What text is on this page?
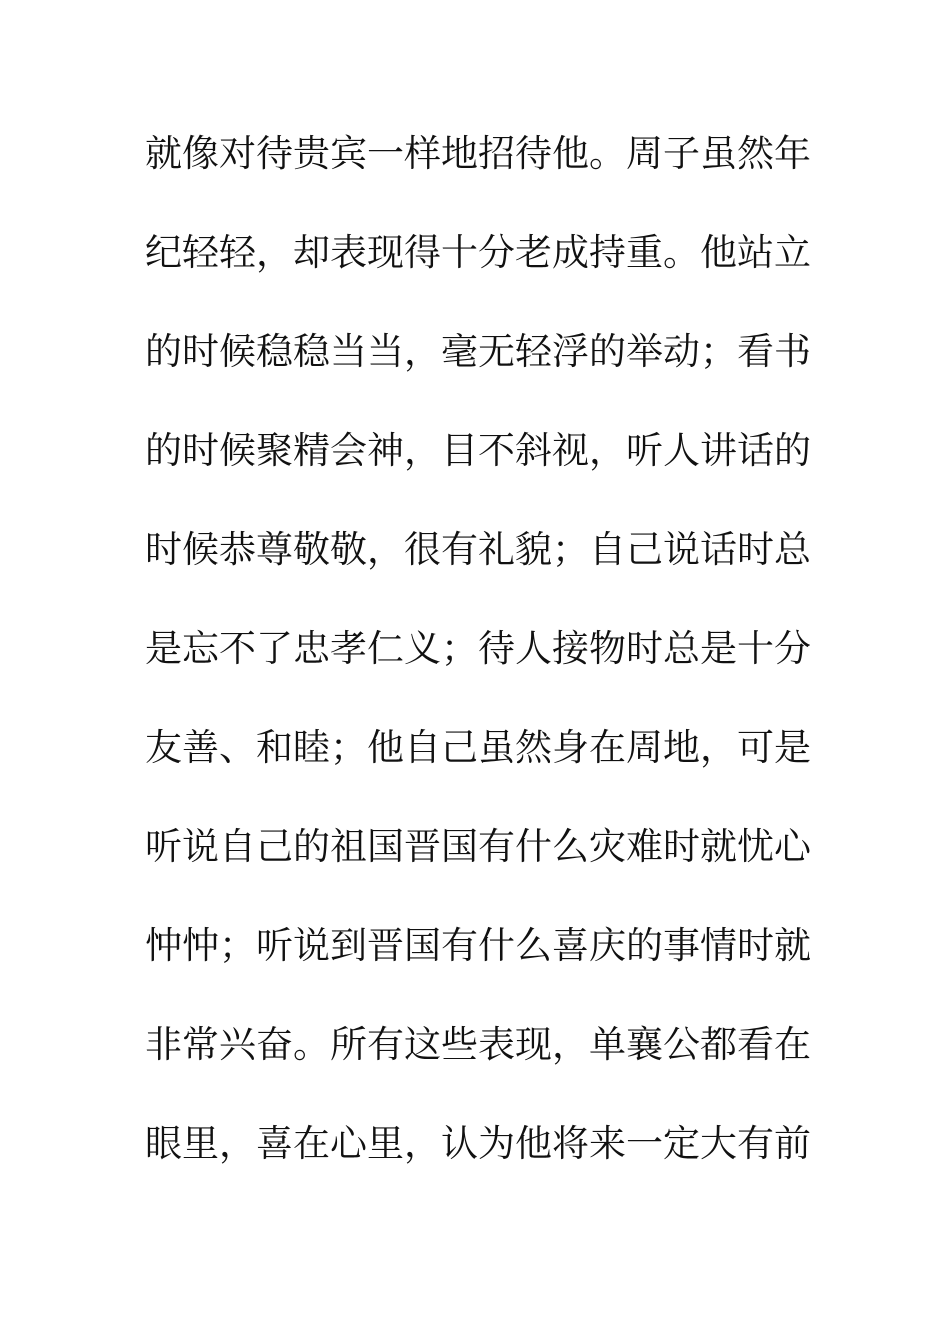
就像对待贵宾一样地招待他。周子虽然年
纪轻轻，却表现得十分老成持重。他站立
的时候稳稳当当，毫无轻浮的举动；看书
的时候聚精会神，目不斜视，听人讲话的
时候恭尊敬敬，很有礼貌；自己说话时总
是忘不了忠孝仁义；待人接物时总是十分
友善、和睦；他自己虽然身在周地，可是
听说自己的祖国晋国有什么灾难时就忧心
忡忡；听说到晋国有什么喜庆的事情时就
非常兴奋。所有这些表现，单襄公都看在
眼里，喜在心里，认为他将来一定大有前
